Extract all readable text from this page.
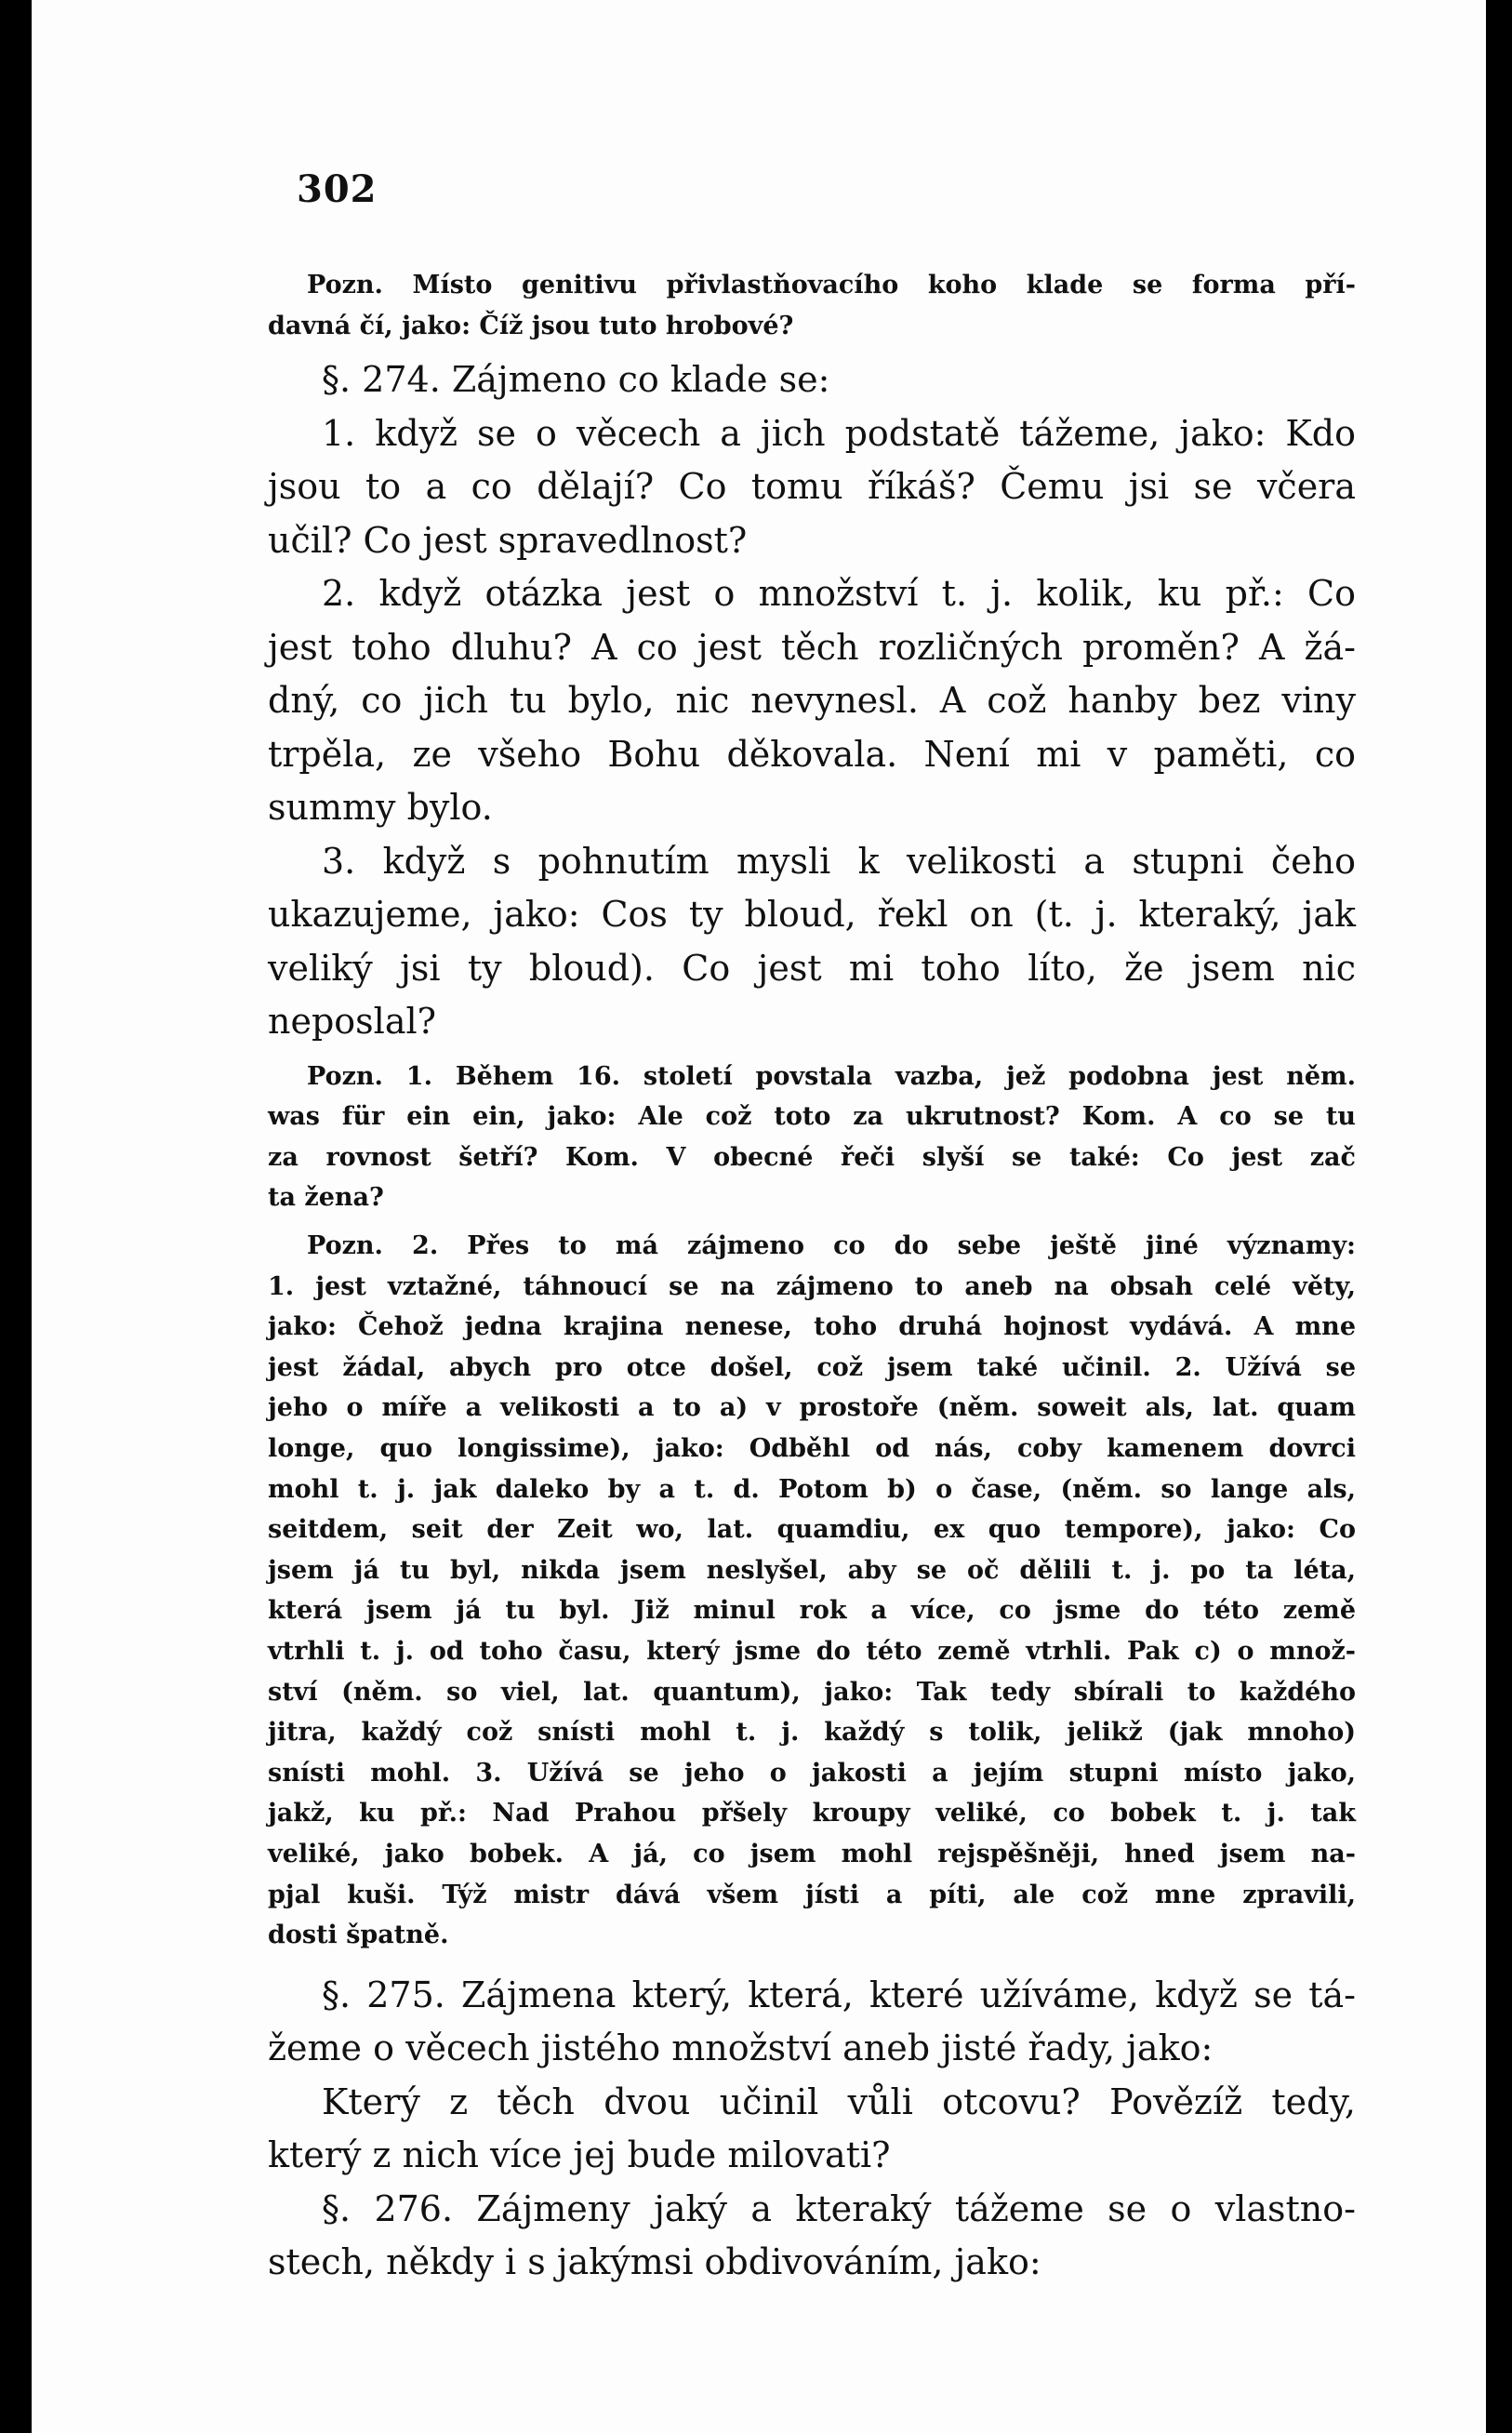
302
Pozn. Místo genitivu přivlastňovacího koho klade se forma pří-
davná čí, jako: Číž jsou tuto hrobové?
§. 274. Zájmeno co klade se:
1. když se o věcech a jich podstatě tážeme, jako: Kdo
jsou to a co dělají? Co tomu říkáš? Čemu jsi se včera
učil? Co jest spravedlnost?
2. když otázka jest o množství t. j. kolik, ku př.: Co
jest toho dluhu? A co jest těch rozličných proměn? A žá-
dný, co jich tu bylo, nic nevynesl. A což hanby bez viny
trpěla, ze všeho Bohu děkovala. Není mi v paměti, co
summy bylo.
3. když s pohnutím mysli k velikosti a stupni čeho
ukazujeme, jako: Cos ty bloud, řekl on (t. j. kteraký, jak
veliký jsi ty bloud). Co jest mi toho líto, že jsem nic
neposlal?
Pozn. 1. Během 16. století povstala vazba, jež podobna jest něm.
was für ein ein, jako: Ale což toto za ukrutnost? Kom. A co se tu
za rovnost šetří? Kom. V obecné řeči slyší se také: Co jest zač
ta žena?
Pozn. 2. Přes to má zájmeno co do sebe ještě jiné významy:
1. jest vztažné, táhnoucí se na zájmeno to aneb na obsah celé věty,
jako: Čehož jedna krajina nenese, toho druhá hojnost vydává. A mne
jest žádal, abych pro otce došel, což jsem také učinil. 2. Užívá se
jeho o míře a velikosti a to a) v prostoře (něm. soweit als, lat. quam
longe, quo longissime), jako: Odběhl od nás, coby kamenem dovrci
mohl t. j. jak daleko by a t. d. Potom b) o čase, (něm. so lange als,
seitdem, seit der Zeit wo, lat. quamdiu, ex quo tempore), jako: Co
jsem já tu byl, nikda jsem neslyšel, aby se oč dělili t. j. po ta léta,
která jsem já tu byl. Již minul rok a více, co jsme do této země
vtrhli t. j. od toho času, který jsme do této země vtrhli. Pak c) o množ-
ství (něm. so viel, lat. quantum), jako: Tak tedy sbírali to každého
jitra, každý což snísti mohl t. j. každý s tolik, jelikž (jak mnoho)
snísti mohl. 3. Užívá se jeho o jakosti a jejím stupni místo jako,
jakž, ku př.: Nad Prahou přšely kroupy veliké, co bobek t. j. tak
veliké, jako bobek. A já, co jsem mohl rejspěšněji, hned jsem na-
pjal kuši. Týž mistr dává všem jísti a píti, ale což mne zpravili,
dosti špatně.
§. 275. Zájmena který, která, které užíváme, když se tá-
žeme o věcech jistého množství aneb jisté řady, jako:
Který z těch dvou učinil vůli otcovu? Povězíž tedy,
který z nich více jej bude milovati?
§. 276. Zájmeny jaký a kteraký tážeme se o vlastno-
stech, někdy i s jakýmsi obdivováním, jako:
